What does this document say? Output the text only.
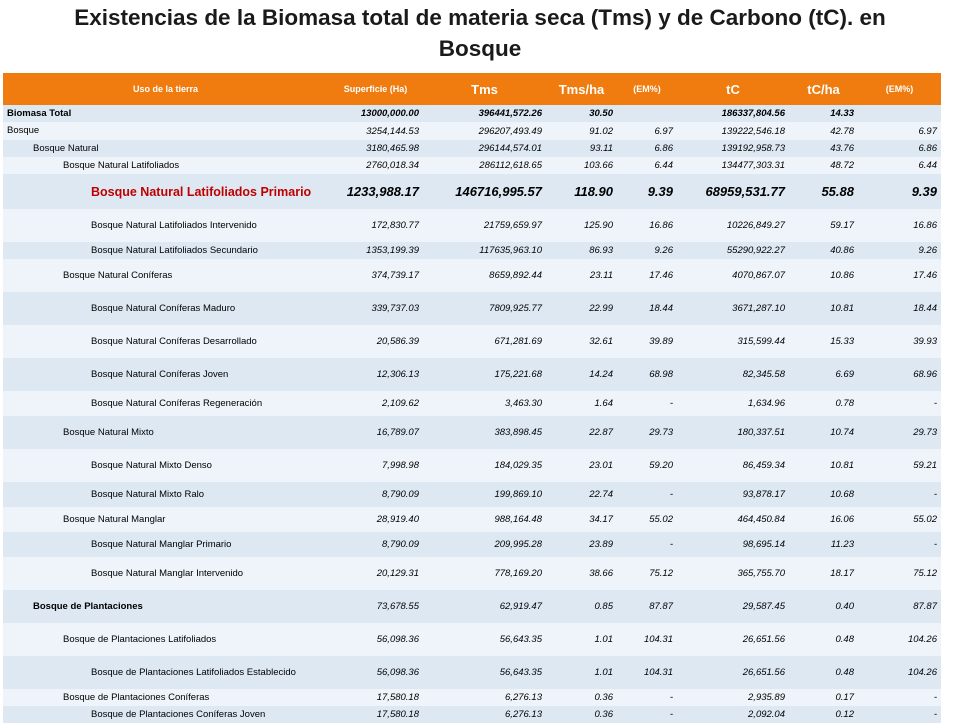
Existencias de la Biomasa total de materia seca (Tms) y de Carbono (tC). en Bosque
Uso de la tierra	Superficie (Ha)	Tms	Tms/ha	(EM%)	tC	tC/ha	(EM%)
Biomasa Total	13000,000.00	396441,572.26	30.50		186337,804.56	14.33	
Bosque	3254,144.53	296207,493.49	91.02	6.97	139222,546.18	42.78	6.97
Bosque Natural	3180,465.98	296144,574.01	93.11	6.86	139192,958.73	43.76	6.86
Bosque Natural Latifoliados	2760,018.34	286112,618.65	103.66	6.44	134477,303.31	48.72	6.44
Bosque Natural Latifoliados Primario	1233,988.17	146716,995.57	118.90	9.39	68959,531.77	55.88	9.39
Bosque Natural Latifoliados Intervenido	172,830.77	21759,659.97	125.90	16.86	10226,849.27	59.17	16.86
Bosque Natural Latifoliados Secundario	1353,199.39	117635,963.10	86.93	9.26	55290,922.27	40.86	9.26
Bosque Natural Coníferas	374,739.17	8659,892.44	23.11	17.46	4070,867.07	10.86	17.46
Bosque Natural Coníferas Maduro	339,737.03	7809,925.77	22.99	18.44	3671,287.10	10.81	18.44
Bosque Natural Coníferas Desarrollado	20,586.39	671,281.69	32.61	39.89	315,599.44	15.33	39.93
Bosque Natural Coníferas Joven	12,306.13	175,221.68	14.24	68.98	82,345.58	6.69	68.96
Bosque Natural Coníferas Regeneración	2,109.62	3,463.30	1.64	-	1,634.96	0.78	-
Bosque Natural Mixto	16,789.07	383,898.45	22.87	29.73	180,337.51	10.74	29.73
Bosque Natural Mixto Denso	7,998.98	184,029.35	23.01	59.20	86,459.34	10.81	59.21
Bosque Natural Mixto Ralo	8,790.09	199,869.10	22.74	-	93,878.17	10.68	-
Bosque Natural Manglar	28,919.40	988,164.48	34.17	55.02	464,450.84	16.06	55.02
Bosque Natural Manglar Primario	8,790.09	209,995.28	23.89	-	98,695.14	11.23	-
Bosque Natural Manglar Intervenido	20,129.31	778,169.20	38.66	75.12	365,755.70	18.17	75.12
Bosque de Plantaciones	73,678.55	62,919.47	0.85	87.87	29,587.45	0.40	87.87
Bosque de Plantaciones Latifoliados	56,098.36	56,643.35	1.01	104.31	26,651.56	0.48	104.26
Bosque de Plantaciones Latifoliados Establecido	56,098.36	56,643.35	1.01	104.31	26,651.56	0.48	104.26
Bosque de Plantaciones Coníferas	17,580.18	6,276.13	0.36	-	2,935.89	0.17	-
Bosque de Plantaciones Coníferas Joven	17,580.18	6,276.13	0.36	-	2,092.04	0.12	-
